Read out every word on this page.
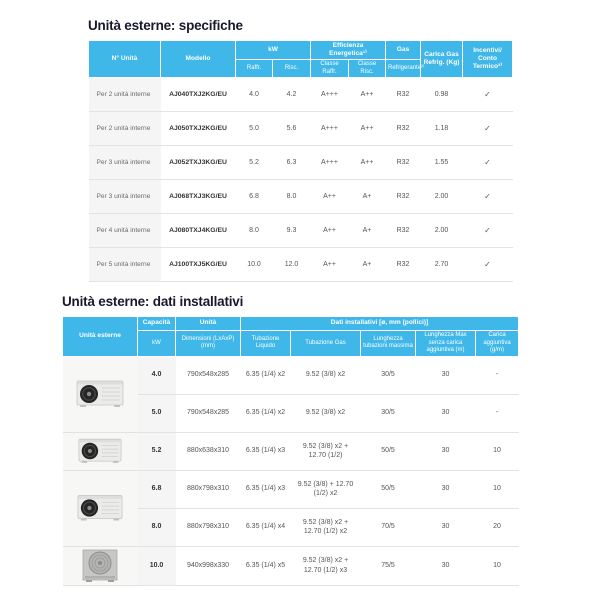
Unità esterne: specifiche
N° Unità	Modello	kW		Efficienza Energetica¹⁾		Gas	Carica Gas Refrig. (Kg)	Incentivi/ Conto Termico³⁾
		Raffr.	Risc.	Classe Raffr.	Classe Risc.	Refrigerante²⁾		
Per 2 unità interne	AJ040TXJ2KG/EU	4.0	4.2	A+++	A++	R32	0.98	✓
Per 2 unità interne	AJ050TXJ2KG/EU	5.0	5.6	A+++	A++	R32	1.18	✓
Per 3 unità interne	AJ052TXJ3KG/EU	5.2	6.3	A+++	A++	R32	1.55	✓
Per 3 unità interne	AJ068TXJ3KG/EU	6.8	8.0	A++	A+	R32	2.00	✓
Per 4 unità interne	AJ080TXJ4KG/EU	8.0	9.3	A++	A+	R32	2.00	✓
Per 5 unità interne	AJ100TXJ5KG/EU	10.0	12.0	A++	A+	R32	2.70	✓
Unità esterne: dati installativi
Unità esterne	Capacità	Unità	Dati installativi [ø, mm (pollici)]				
	kW	Dimensioni (LxAxP)(mm)	Tubazione Liquido	Tubazione Gas	Lunghezza tubazioni massima	Lunghezza Max senza carica aggiuntiva (m)	Carica aggiuntiva (g/m)

	4.0	790x548x285	6.35 (1/4) x2	9.52 (3/8) x2	30/5	30	-
	5.0	790x548x285	6.35 (1/4) x2	9.52 (3/8) x2	30/5	30	-

	5.2	880x638x310	6.35 (1/4) x3	9.52 (3/8) x2 + 12.70 (1/2)	50/5	30	10

	6.8	880x798x310	6.35 (1/4) x3	9.52 (3/8) + 12.70 (1/2) x2	50/5	30	10
	8.0	880x798x310	6.35 (1/4) x4	9.52 (3/8) x2 + 12.70 (1/2) x2	70/5	30	20

	10.0	940x998x330	6.35 (1/4) x5	9.52 (3/8) x2 + 12.70 (1/2) x3	75/5	30	10
